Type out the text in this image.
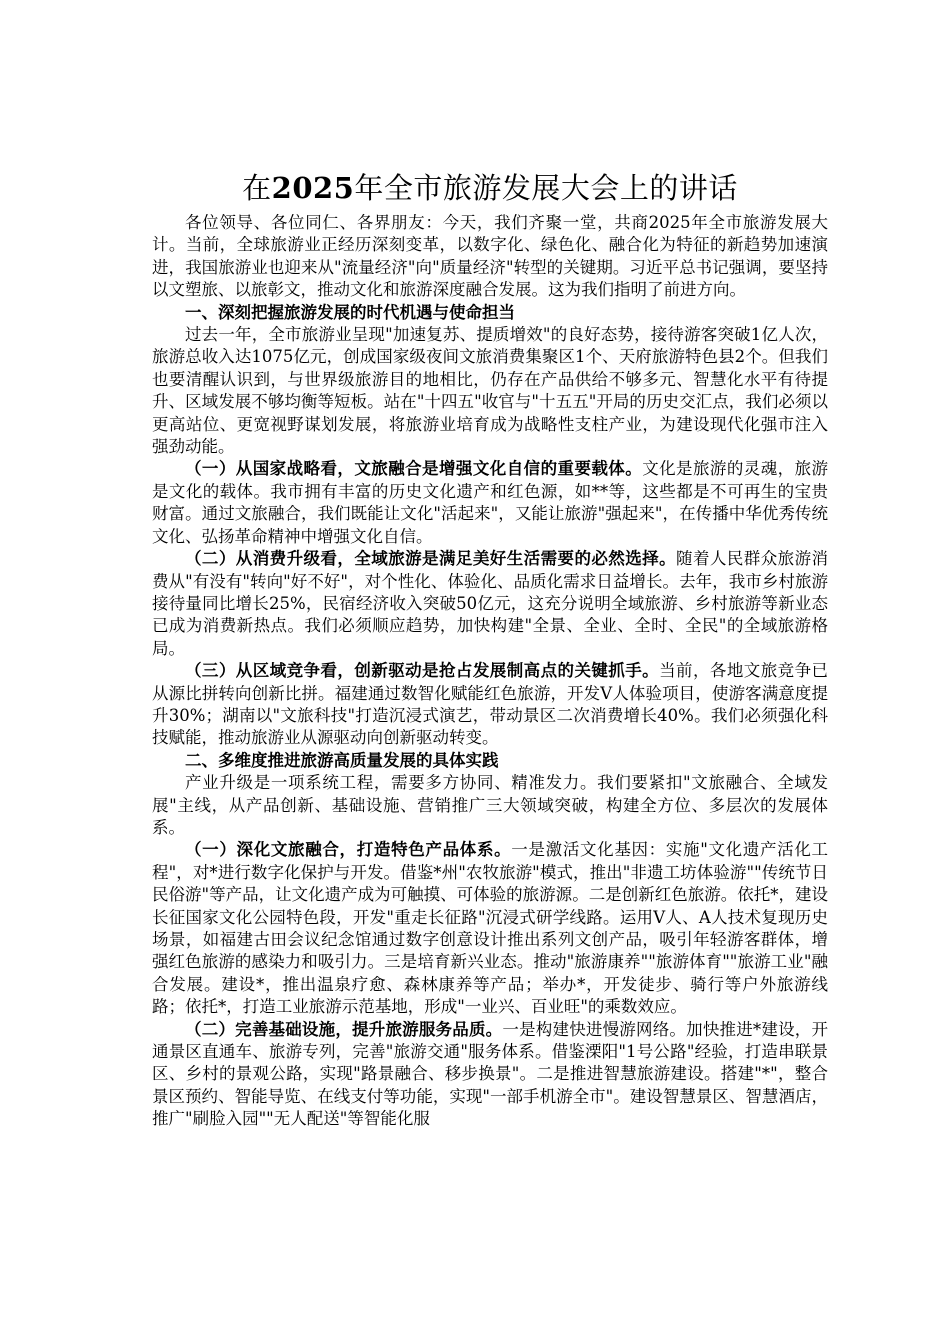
在2025年全市旅游发展大会上的讲话

各位领导、各位同仁、各界朋友：今天，我们齐聚一堂，共商2025年全市旅游发展大计。当前，全球旅游业正经历深刻变革，以数字化、绿色化、融合化为特征的新趋势加速演进，我国旅游业也迎来从"流量经济"向"质量经济"转型的关键期。习近平总书记强调，要坚持以文塑旅、以旅彰文，推动文化和旅游深度融合发展。这为我们指明了前进方向。

一、深刻把握旅游发展的时代机遇与使命担当

过去一年，全市旅游业呈现"加速复苏、提质增效"的良好态势，接待游客突破1亿人次，旅游总收入达1075亿元，创成国家级夜间文旅消费集聚区1个、天府旅游特色县2个。但我们也要清醒认识到，与世界级旅游目的地相比，仍存在产品供给不够多元、智慧化水平有待提升、区域发展不够均衡等短板。站在"十四五"收官与"十五五"开局的历史交汇点，我们必须以更高站位、更宽视野谋划发展，将旅游业培育成为战略性支柱产业，为建设现代化强市注入强劲动能。

（一）从国家战略看，文旅融合是增强文化自信的重要载体。文化是旅游的灵魂，旅游是文化的载体。我市拥有丰富的历史文化遗产和红色源，如**等，这些都是不可再生的宝贵财富。通过文旅融合，我们既能让文化"活起来"，又能让旅游"强起来"，在传播中华优秀传统文化、弘扬革命精神中增强文化自信。

（二）从消费升级看，全域旅游是满足美好生活需要的必然选择。随着人民群众旅游消费从"有没有"转向"好不好"，对个性化、体验化、品质化需求日益增长。去年，我市乡村旅游接待量同比增长25%，民宿经济收入突破50亿元，这充分说明全域旅游、乡村旅游等新业态已成为消费新热点。我们必须顺应趋势，加快构建"全景、全业、全时、全民"的全域旅游格局。

（三）从区域竞争看，创新驱动是抢占发展制高点的关键抓手。当前，各地文旅竞争已从源比拼转向创新比拼。福建通过数智化赋能红色旅游，开发V人体验项目，使游客满意度提升30%；湖南以"文旅科技"打造沉浸式演艺，带动景区二次消费增长40%。我们必须强化科技赋能，推动旅游业从源驱动向创新驱动转变。

二、多维度推进旅游高质量发展的具体实践

产业升级是一项系统工程，需要多方协同、精准发力。我们要紧扣"文旅融合、全域发展"主线，从产品创新、基础设施、营销推广三大领域突破，构建全方位、多层次的发展体系。

（一）深化文旅融合，打造特色产品体系。一是激活文化基因：实施"文化遗产活化工程"，对*进行数字化保护与开发。借鉴*州"农牧旅游"模式，推出"非遗工坊体验游""传统节日民俗游"等产品，让文化遗产成为可触摸、可体验的旅游源。二是创新红色旅游。依托*，建设长征国家文化公园特色段，开发"重走长征路"沉浸式研学线路。运用V人、A人技术复现历史场景，如福建古田会议纪念馆通过数字创意设计推出系列文创产品，吸引年轻游客群体，增强红色旅游的感染力和吸引力。三是培育新兴业态。推动"旅游康养""旅游体育""旅游工业"融合发展。建设*，推出温泉疗愈、森林康养等产品；举办*，开发徒步、骑行等户外旅游线路；依托*，打造工业旅游示范基地，形成"一业兴、百业旺"的乘数效应。

（二）完善基础设施，提升旅游服务品质。一是构建快进慢游网络。加快推进*建设，开通景区直通车、旅游专列，完善"旅游交通"服务体系。借鉴溧阳"1号公路"经验，打造串联景区、乡村的景观公路，实现"路景融合、移步换景"。二是推进智慧旅游建设。搭建"*"，整合景区预约、智能导览、在线支付等功能，实现"一部手机游全市"。建设智慧景区、智慧酒店，推广"刷脸入园""无人配送"等智能化服
